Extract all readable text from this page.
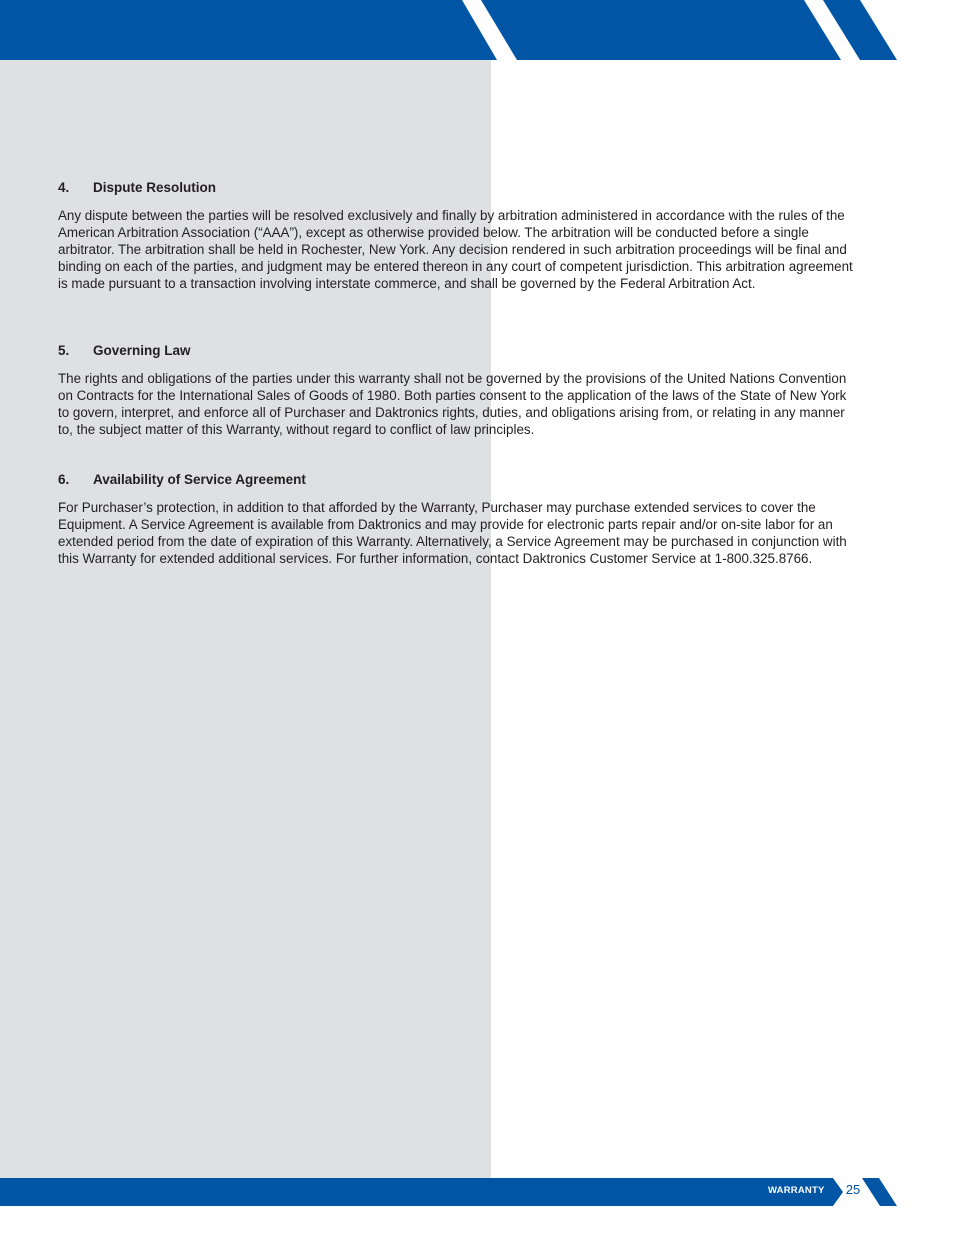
4.	Dispute Resolution

Any dispute between the parties will be resolved exclusively and finally by arbitration administered in accordance with the rules of the American Arbitration Association (“AAA”), except as otherwise provided below. The arbitration will be conducted before a single arbitrator. The arbitration shall be held in Rochester, New York. Any decision rendered in such arbitration proceedings will be final and binding on each of the parties, and judgment may be entered thereon in any court of competent jurisdiction. This arbitration agreement is made pursuant to a transaction involving interstate commerce, and shall be governed by the Federal Arbitration Act.

5.	Governing Law

The rights and obligations of the parties under this warranty shall not be governed by the provisions of the United Nations Convention on Contracts for the International Sales of Goods of 1980. Both parties consent to the application of the laws of the State of New York to govern, interpret, and enforce all of Purchaser and Daktronics rights, duties, and obligations arising from, or relating in any manner to, the subject matter of this Warranty, without regard to conflict of law principles.

6.	Availability of Service Agreement

For Purchaser’s protection, in addition to that afforded by the Warranty, Purchaser may purchase extended services to cover the Equipment. A Service Agreement is available from Daktronics and may provide for electronic parts repair and/or on-site labor for an extended period from the date of expiration of this Warranty. Alternatively, a Service Agreement may be purchased in conjunction with this Warranty for extended additional services. For further information, contact Daktronics Customer Service at 1-800.325.8766.

WARRANTY 25
